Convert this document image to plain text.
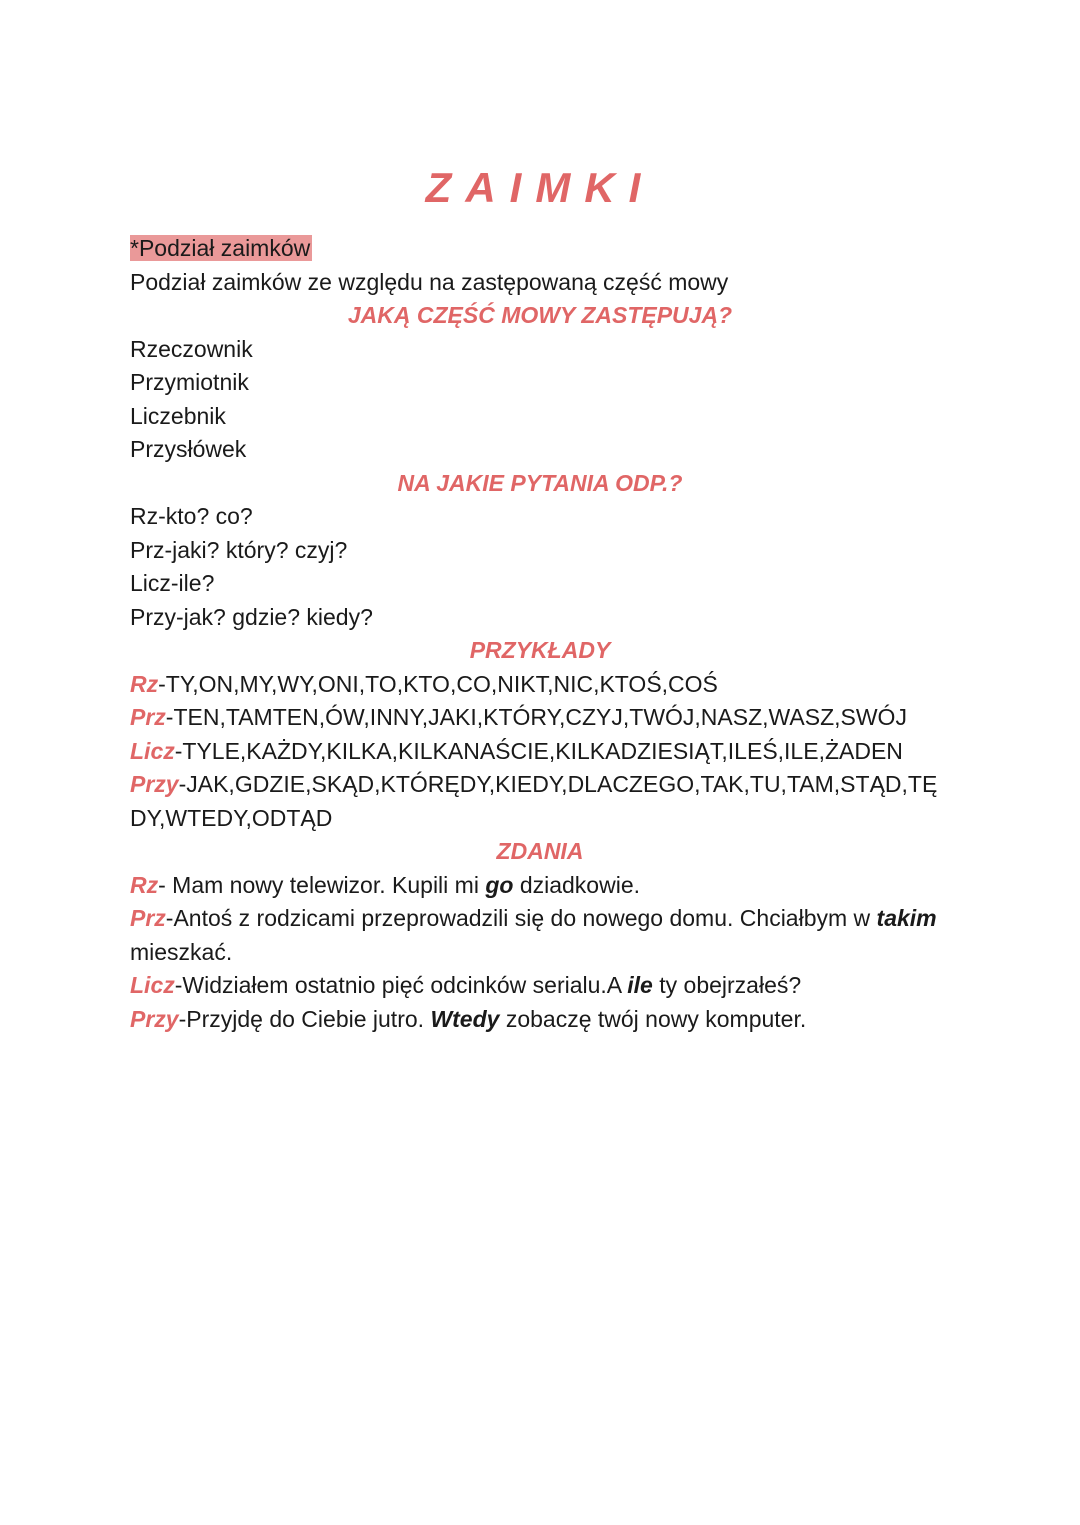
ZAIMKI
*Podział zaimków
Podział zaimków ze względu na zastępowaną część mowy
JAKĄ CZĘŚĆ MOWY ZASTĘPUJĄ?
Rzeczownik
Przymiotnik
Liczebnik
Przysłówek
NA JAKIE PYTANIA ODP.?
Rz-kto? co?
Prz-jaki? który? czyj?
Licz-ile?
Przy-jak? gdzie? kiedy?
PRZYKŁADY
Rz-TY,ON,MY,WY,ONI,TO,KTO,CO,NIKT,NIC,KTOŚ,COŚ
Prz-TEN,TAMTEN,ÓW,INNY,JAKI,KTÓRY,CZYJ,TWÓJ,NASZ,WASZ,SWÓJ
Licz-TYLE,KAŻDY,KILKA,KILKANAŚCIE,KILKADZIESIĄT,ILEŚ,ILE,ŻADEN
Przy-JAK,GDZIE,SKĄD,KTÓRĘDY,KIEDY,DLACZEGO,TAK,TU,TAM,STĄD,TĘDY,WTEDY,ODTĄD
ZDANIA
Rz- Mam nowy telewizor. Kupili mi go dziadkowie.
Prz-Antoś z rodzicami przeprowadzili się do nowego domu. Chciałbym w takim mieszkać.
Licz-Widziałem ostatnio pięć odcinków serialu.A ile ty obejrzałeś?
Przy-Przyjdę do Ciebie jutro. Wtedy zobaczę twój nowy komputer.
